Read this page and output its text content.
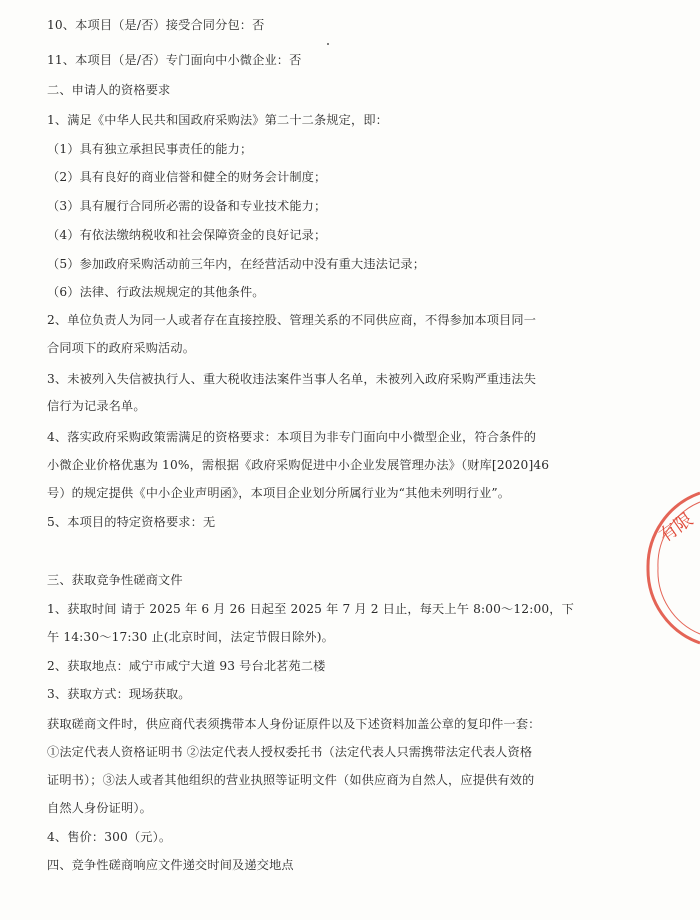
10、本项目（是/否）接受合同分包：否
11、本项目（是/否）专门面向中小微企业：否
二、申请人的资格要求
1、满足《中华人民共和国政府采购法》第二十二条规定，即：
（1）具有独立承担民事责任的能力；
（2）具有良好的商业信誉和健全的财务会计制度；
（3）具有履行合同所必需的设备和专业技术能力；
（4）有依法缴纳税收和社会保障资金的良好记录；
（5）参加政府采购活动前三年内，在经营活动中没有重大违法记录；
（6）法律、行政法规规定的其他条件。
2、单位负责人为同一人或者存在直接控股、管理关系的不同供应商，不得参加本项目同一
合同项下的政府采购活动。
3、未被列入失信被执行人、重大税收违法案件当事人名单，未被列入政府采购严重违法失
信行为记录名单。
4、落实政府采购政策需满足的资格要求：本项目为非专门面向中小微型企业，符合条件的
小微企业价格优惠为 10%，需根据《政府采购促进中小企业发展管理办法》（财库[2020]46
号）的规定提供《中小企业声明函》，本项目企业划分所属行业为“其他未列明行业”。
5、本项目的特定资格要求：无
三、获取竞争性磋商文件
1、获取时间 请于 2025 年 6 月 26 日起至 2025 年 7 月 2 日止，每天上午 8:00～12:00，下
午 14:30～17:30 止(北京时间，法定节假日除外)。
2、获取地点：咸宁市咸宁大道 93 号台北茗苑二楼
3、获取方式：现场获取。
获取磋商文件时，供应商代表须携带本人身份证原件以及下述资料加盖公章的复印件一套：
①法定代表人资格证明书 ②法定代表人授权委托书（法定代表人只需携带法定代表人资格
证明书）；③法人或者其他组织的营业执照等证明文件（如供应商为自然人，应提供有效的
自然人身份证明）。
4、售价：300（元）。
四、竞争性磋商响应文件递交时间及递交地点
有限
